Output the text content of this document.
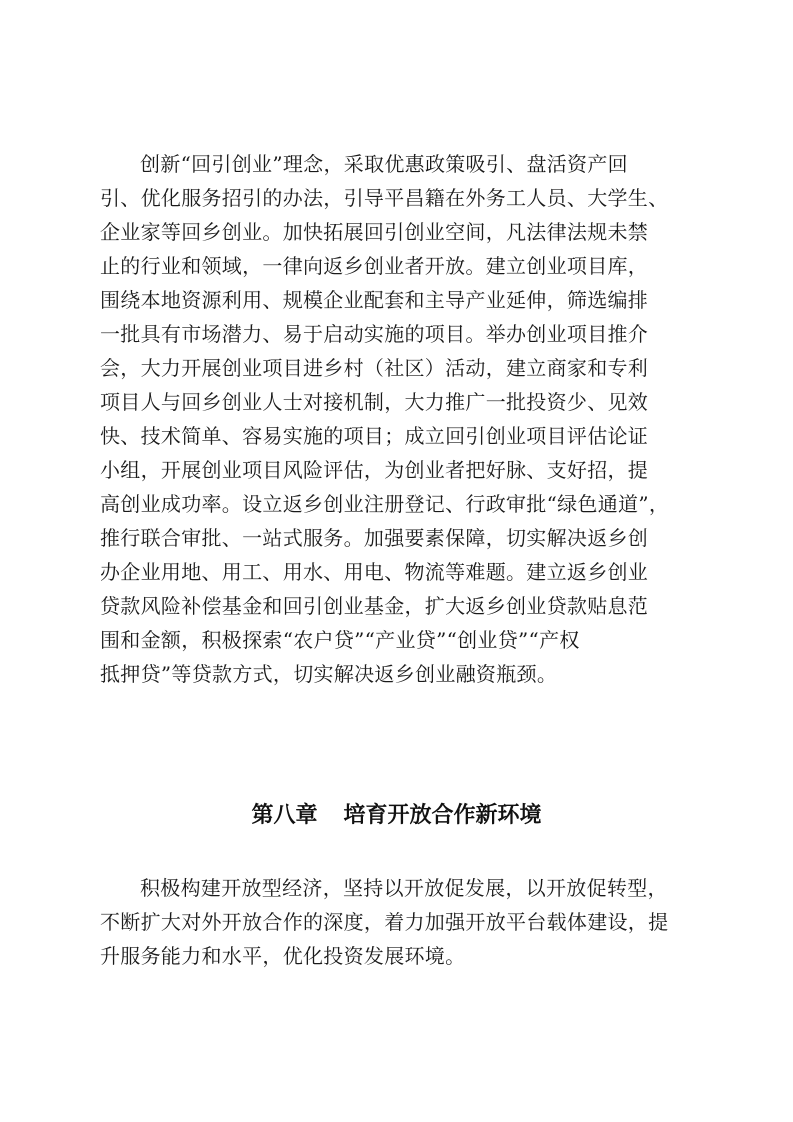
创新“回引创业”理念，采取优惠政策吸引、盘活资产回
引、优化服务招引的办法，引导平昌籍在外务工人员、大学生、
企业家等回乡创业。加快拓展回引创业空间，凡法律法规未禁
止的行业和领域，一律向返乡创业者开放。建立创业项目库，
围绕本地资源利用、规模企业配套和主导产业延伸，筛选编排
一批具有市场潜力、易于启动实施的项目。举办创业项目推介
会，大力开展创业项目进乡村（社区）活动，建立商家和专利
项目人与回乡创业人士对接机制，大力推广一批投资少、见效
快、技术简单、容易实施的项目；成立回引创业项目评估论证
小组，开展创业项目风险评估，为创业者把好脉、支好招，提
高创业成功率。设立返乡创业注册登记、行政审批“绿色通道”，
推行联合审批、一站式服务。加强要素保障，切实解决返乡创
办企业用地、用工、用水、用电、物流等难题。建立返乡创业
贷款风险补偿基金和回引创业基金，扩大返乡创业贷款贴息范
围和金额，积极探索“农户贷”“产业贷”“创业贷”“产权
抵押贷”等贷款方式，切实解决返乡创业融资瓶颈。
第八章 培育开放合作新环境
积极构建开放型经济，坚持以开放促发展，以开放促转型，
不断扩大对外开放合作的深度，着力加强开放平台载体建设，提
升服务能力和水平，优化投资发展环境。
